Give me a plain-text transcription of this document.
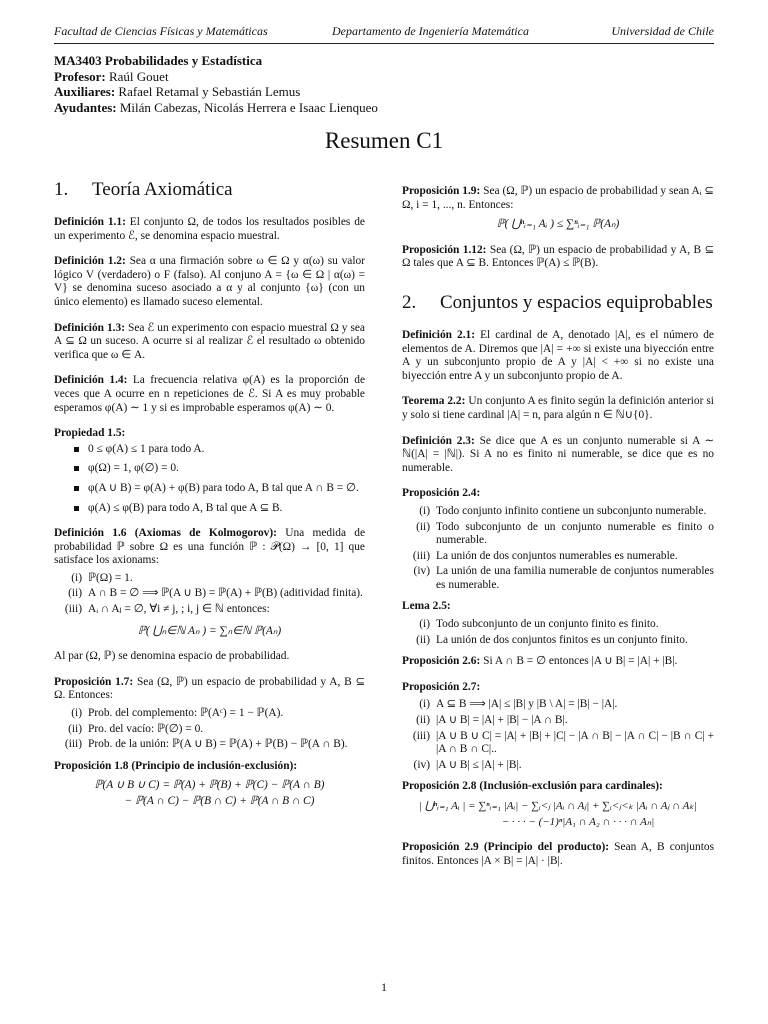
Facultad de Ciencias Físicas y Matemáticas	Departamento de Ingeniería Matemática	Universidad de Chile
MA3403 Probabilidades y Estadística
Profesor: Raúl Gouet
Auxiliares: Rafael Retamal y Sebastián Lemus
Ayudantes: Milán Cabezas, Nicolás Herrera e Isaac Lienqueo
Resumen C1
1.	Teoría Axiomática

Definición 1.1: El conjunto Ω, de todos los resultados posibles de un experimento ℰ, se denomina espacio muestral.

Definición 1.2: Sea α una firmación sobre ω ∈ Ω y α(ω) su valor lógico V (verdadero) o F (falso). Al conjuno A = {ω ∈ Ω | α(ω) = V} se denomina suceso asociado a α y al conjunto {ω} (con un único elemento) es llamado suceso elemental.

Definición 1.3: Sea ℰ un experimento con espacio muestral Ω y sea A ⊆ Ω un suceso. A ocurre si al realizar ℰ el resultado ω obtenido verifica que ω ∈ A.

Definición 1.4: La frecuencia relativa φ(A) es la proporción de veces que A ocurre en n repeticiones de ℰ. Si A es muy probable esperamos φ(A) ∼ 1 y si es improbable esperamos φ(A) ∼ 0.

Propiedad 1.5:
0 ≤ φ(A) ≤ 1 para todo A.
φ(Ω) = 1, φ(∅) = 0.
φ(A ∪ B) = φ(A) + φ(B) para todo A, B tal que A ∩ B = ∅.
φ(A) ≤ φ(B) para todo A, B tal que A ⊆ B.
Definición 1.6 (Axiomas de Kolmogorov): Una medida de probabilidad ℙ sobre Ω es una función ℙ : 𝒫(Ω) → [0, 1] que satisface los axionams:
(i) ℙ(Ω) = 1.
(ii) A ∩ B = ∅ ⟹ ℙ(A ∪ B) = ℙ(A) + ℙ(B) (aditividad finita).
(iii) Aᵢ ∩ Aⱼ = ∅, ∀i ≠ j, ; i, j ∈ ℕ entonces:
ℙ( ⋃ₙ∈ℕ Aₙ ) = ∑ₙ∈ℕ ℙ(Aₙ)

Al par (Ω, ℙ) se denomina espacio de probabilidad.

Proposición 1.7: Sea (Ω, ℙ) un espacio de probabilidad y A, B ⊆ Ω. Entonces:
(i) Prob. del complemento: ℙ(Aᶜ) = 1 − ℙ(A).
(ii) Pro. del vacío: ℙ(∅) = 0.
(iii) Prob. de la unión: ℙ(A ∪ B) = ℙ(A) + ℙ(B) − ℙ(A ∩ B).
Proposición 1.8 (Principio de inclusión-exclusión):
ℙ(A ∪ B ∪ C) = ℙ(A) + ℙ(B) + ℙ(C) − ℙ(A ∩ B)
− ℙ(A ∩ C) − ℙ(B ∩ C) + ℙ(A ∩ B ∩ C)
Proposición 1.9: Sea (Ω, ℙ) un espacio de probabilidad y sean Aᵢ ⊆ Ω, i = 1, ..., n. Entonces:
ℙ( ⋃ⁿᵢ₌₁ Aᵢ ) ≤ ∑ⁿᵢ₌₁ ℙ(Aₙ)

Proposición 1.12: Sea (Ω, ℙ) un espacio de probabilidad y A, B ⊆ Ω tales que A ⊆ B. Entonces ℙ(A) ≤ ℙ(B).

2.	Conjuntos y espacios equiprobables

Definición 2.1: El cardinal de A, denotado |A|, es el número de elementos de A. Diremos que |A| = +∞ si existe una biyección entre A y un subconjunto propio de A y |A| < +∞ si no existe una biyección entre A y un subconjunto propio de A.

Teorema 2.2: Un conjunto A es finito según la definición anterior si y solo si tiene cardinal |A| = n, para algún n ∈ ℕ∪{0}.

Definición 2.3: Se dice que A es un conjunto numerable si A ∼ ℕ(|A| = |ℕ|). Si A no es finito ni numerable, se dice que es no numerable.

Proposición 2.4:
(i) Todo conjunto infinito contiene un subconjunto numerable.
(ii) Todo subconjunto de un conjunto numerable es finito o numerable.
(iii) La unión de dos conjuntos numerables es numerable.
(iv) La unión de una familia numerable de conjuntos numerables es numerable.
Lema 2.5:
(i) Todo subconjunto de un conjunto finito es finito.
(ii) La unión de dos conjuntos finitos es un conjunto finito.

Proposición 2.6: Si A ∩ B = ∅ entonces |A ∪ B| = |A| + |B|.

Proposición 2.7:
(i) A ⊆ B ⟹ |A| ≤ |B| y |B \ A| = |B| − |A|.
(ii) |A ∪ B| = |A| + |B| − |A ∩ B|.
(iii) |A ∪ B ∪ C| = |A| + |B| + |C| − |A ∩ B| − |A ∩ C| − |B ∩ C| + |A ∩ B ∩ C|..
(iv) |A ∪ B| ≤ |A| + |B|.
Proposición 2.8 (Inclusión-exclusión para cardinales):
| ⋃ⁿᵢ₌₁ Aᵢ | = ∑ⁿᵢ₌₁ |Aᵢ| − ∑ᵢ<ⱼ |Aᵢ ∩ Aⱼ| + ∑ᵢ<ⱼ<ₖ |Aᵢ ∩ Aⱼ ∩ Aₖ|
− · · · − (−1)ⁿ|A₁ ∩ A₂ ∩ · · · ∩ Aₙ|

Proposición 2.9 (Principio del producto): Sean A, B conjuntos finitos. Entonces |A × B| = |A| · |B|.

1
